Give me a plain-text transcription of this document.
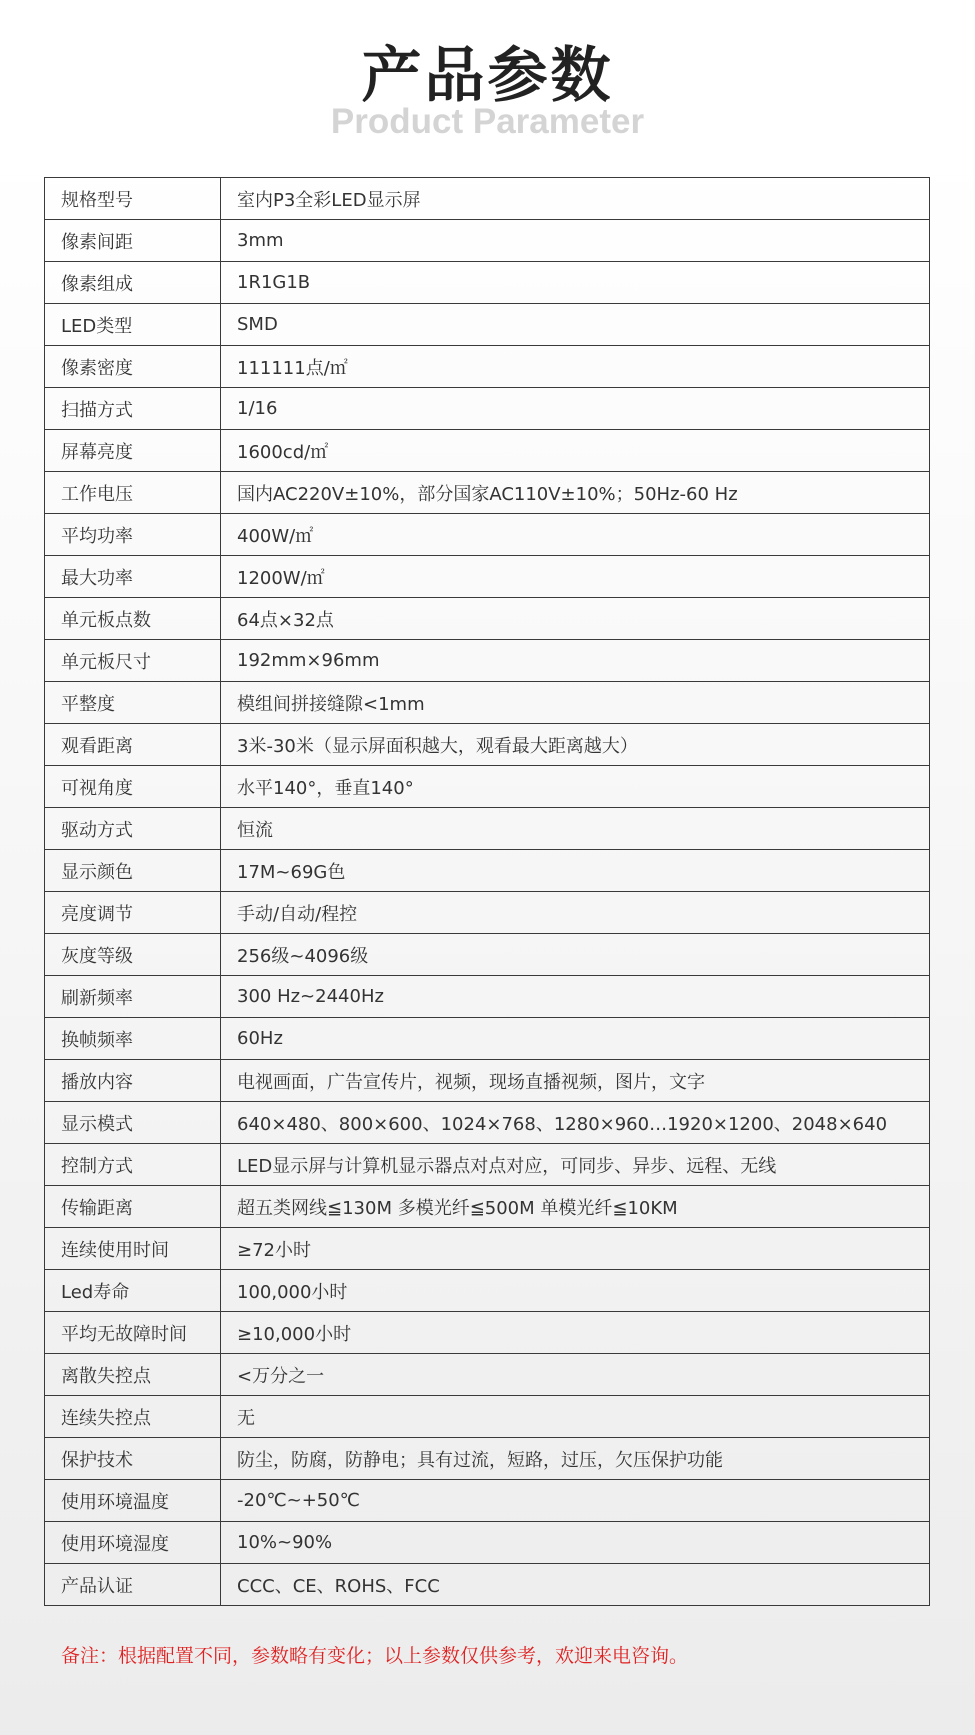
产品参数
Product Parameter
规格型号	室内P3全彩LED显示屏
像素间距	3mm
像素组成	1R1G1B
LED类型	SMD
像素密度	111111点/㎡
扫描方式	1/16
屏幕亮度	1600cd/㎡
工作电压	国内AC220V±10%，部分国家AC110V±10%；50Hz-60 Hz
平均功率	400W/㎡
最大功率	1200W/㎡
单元板点数	64点×32点
单元板尺寸	192mm×96mm
平整度	模组间拼接缝隙<1mm
观看距离	3米-30米（显示屏面积越大，观看最大距离越大）
可视角度	水平140°，垂直140°
驱动方式	恒流
显示颜色	17M~69G色
亮度调节	手动/自动/程控
灰度等级	256级~4096级
刷新频率	300 Hz~2440Hz
换帧频率	60Hz
播放内容	电视画面，广告宣传片，视频，现场直播视频，图片，文字
显示模式	640×480、800×600、1024×768、1280×960…1920×1200、2048×640
控制方式	LED显示屏与计算机显示器点对点对应，可同步、异步、远程、无线
传输距离	超五类网线≦130M 多模光纤≦500M 单模光纤≦10KM
连续使用时间	≥72小时
Led寿命	100,000小时
平均无故障时间	≥10,000小时
离散失控点	<万分之一
连续失控点	无
保护技术	防尘，防腐，防静电；具有过流，短路，过压，欠压保护功能
使用环境温度	-20℃~+50℃
使用环境湿度	10%~90%
产品认证	CCC、CE、ROHS、FCC
备注：根据配置不同，参数略有变化；以上参数仅供参考，欢迎来电咨询。
